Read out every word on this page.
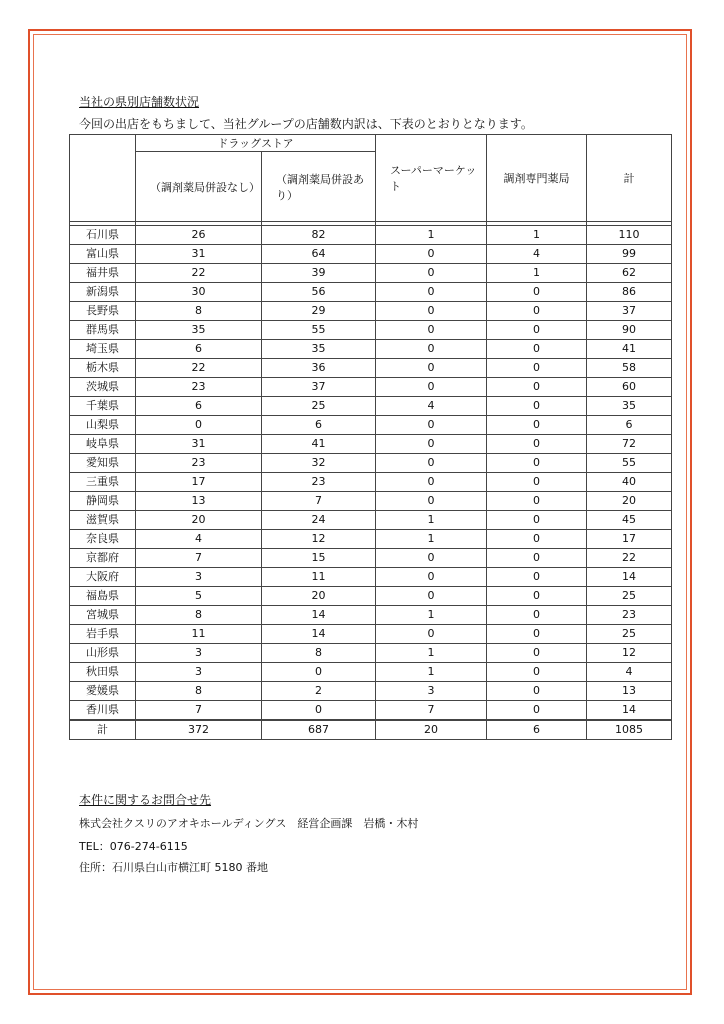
当社の県別店舗数状況
今回の出店をもちまして、当社グループの店舗数内訳は、下表のとおりとなります。
	ドラッグストア		スーパーマーケット	調剤専門薬局	計
	（調剤薬局併設なし）	（調剤薬局併設あり）			

石川県	26	82	1	1	110
富山県	31	64	0	4	99
福井県	22	39	0	1	62
新潟県	30	56	0	0	86
長野県	8	29	0	0	37
群馬県	35	55	0	0	90
埼玉県	6	35	0	0	41
栃木県	22	36	0	0	58
茨城県	23	37	0	0	60
千葉県	6	25	4	0	35
山梨県	0	6	0	0	6
岐阜県	31	41	0	0	72
愛知県	23	32	0	0	55
三重県	17	23	0	0	40
静岡県	13	7	0	0	20
滋賀県	20	24	1	0	45
奈良県	4	12	1	0	17
京都府	7	15	0	0	22
大阪府	3	11	0	0	14
福島県	5	20	0	0	25
宮城県	8	14	1	0	23
岩手県	11	14	0	0	25
山形県	3	8	1	0	12
秋田県	3	0	1	0	4
愛媛県	8	2	3	0	13
香川県	7	0	7	0	14
計	372	687	20	6	1085
本件に関するお問合せ先
株式会社クスリのアオキホールディングス　経営企画課　岩橋・木村
TEL：076-274-6115
住所：石川県白山市横江町 5180 番地
